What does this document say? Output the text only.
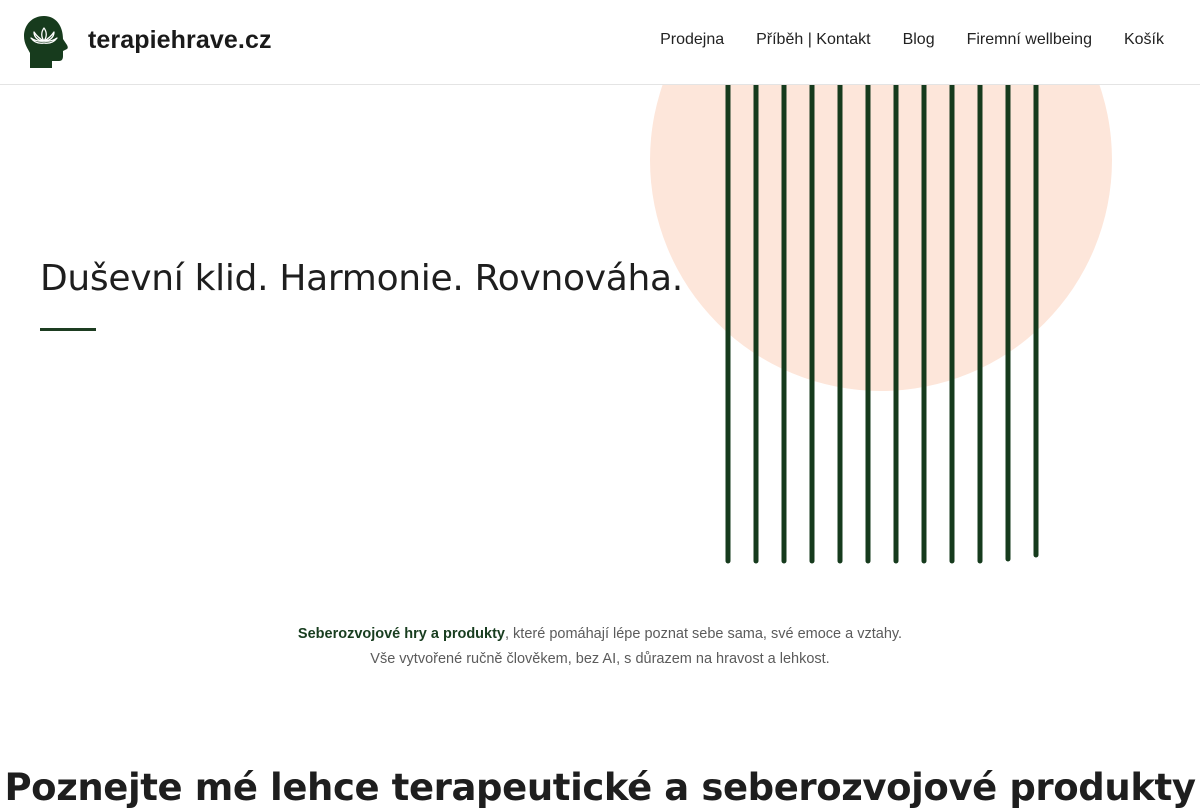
terapiehrave.cz	Prodejna Příběh | Kontakt Blog Firemní wellbeing Košík
Duševní klid. Harmonie. Rovnováha.
Seberozvojové hry a produkty, které pomáhají lépe poznat sebe sama, své emoce a vztahy.
Vše vytvořené ručně člověkem, bez AI, s důrazem na hravost a lehkost.
Poznejte mé lehce terapeutické a seberozvojové produkty
